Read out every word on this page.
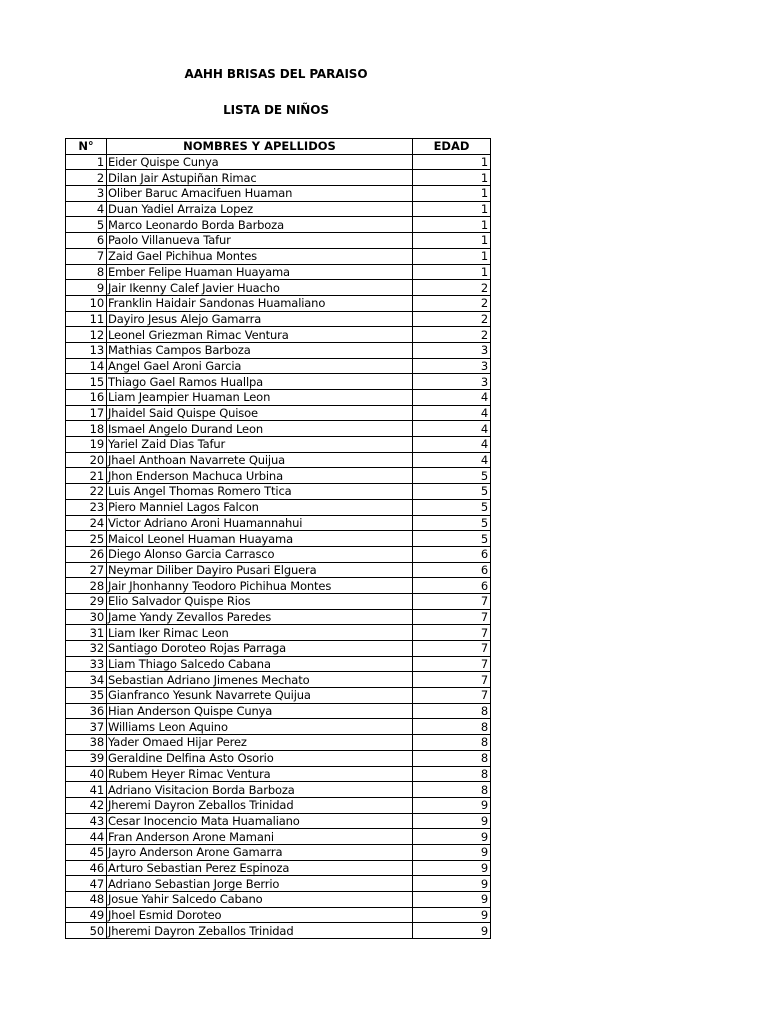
AAHH BRISAS DEL PARAISO
LISTA DE NIÑOS
N°	NOMBRES Y APELLIDOS	EDAD
1	Eider Quispe Cunya	1
2	Dilan Jair Astupiñan Rimac	1
3	Oliber Baruc Amacifuen Huaman	1
4	Duan Yadiel Arraiza Lopez	1
5	Marco Leonardo Borda Barboza	1
6	Paolo Villanueva Tafur	1
7	Zaid Gael Pichihua Montes	1
8	Ember Felipe Huaman Huayama	1
9	Jair Ikenny Calef Javier Huacho	2
10	Franklin Haidair Sandonas Huamaliano	2
11	Dayiro Jesus Alejo Gamarra	2
12	Leonel Griezman Rimac Ventura	2
13	Mathias Campos Barboza	3
14	Angel Gael Aroni Garcia	3
15	Thiago Gael Ramos Huallpa	3
16	Liam Jeampier Huaman Leon	4
17	Jhaidel Said Quispe Quisoe	4
18	Ismael Angelo Durand Leon	4
19	Yariel Zaid Dias Tafur	4
20	Jhael Anthoan Navarrete Quijua	4
21	Jhon Enderson Machuca Urbina	5
22	Luis Angel Thomas Romero Ttica	5
23	Piero Manniel Lagos Falcon	5
24	Victor Adriano Aroni Huamannahui	5
25	Maicol Leonel Huaman Huayama	5
26	Diego Alonso Garcia Carrasco	6
27	Neymar Diliber Dayiro Pusari Elguera	6
28	Jair Jhonhanny Teodoro Pichihua Montes	6
29	Elio Salvador Quispe Rios	7
30	Jame Yandy Zevallos Paredes	7
31	Liam Iker Rimac Leon	7
32	Santiago Doroteo Rojas Parraga	7
33	Liam Thiago Salcedo Cabana	7
34	Sebastian Adriano Jimenes Mechato	7
35	Gianfranco Yesunk Navarrete Quijua	7
36	Hian Anderson Quispe Cunya	8
37	Williams Leon Aquino	8
38	Yader Omaed Hijar Perez	8
39	Geraldine Delfina Asto Osorio	8
40	Rubem Heyer Rimac Ventura	8
41	Adriano Visitacion Borda Barboza	8
42	Jheremi Dayron Zeballos Trinidad	9
43	Cesar Inocencio Mata Huamaliano	9
44	Fran Anderson Arone Mamani	9
45	Jayro Anderson Arone Gamarra	9
46	Arturo Sebastian Perez Espinoza	9
47	Adriano Sebastian Jorge Berrio	9
48	Josue Yahir Salcedo Cabano	9
49	Jhoel Esmid Doroteo	9
50	Jheremi Dayron Zeballos Trinidad	9
